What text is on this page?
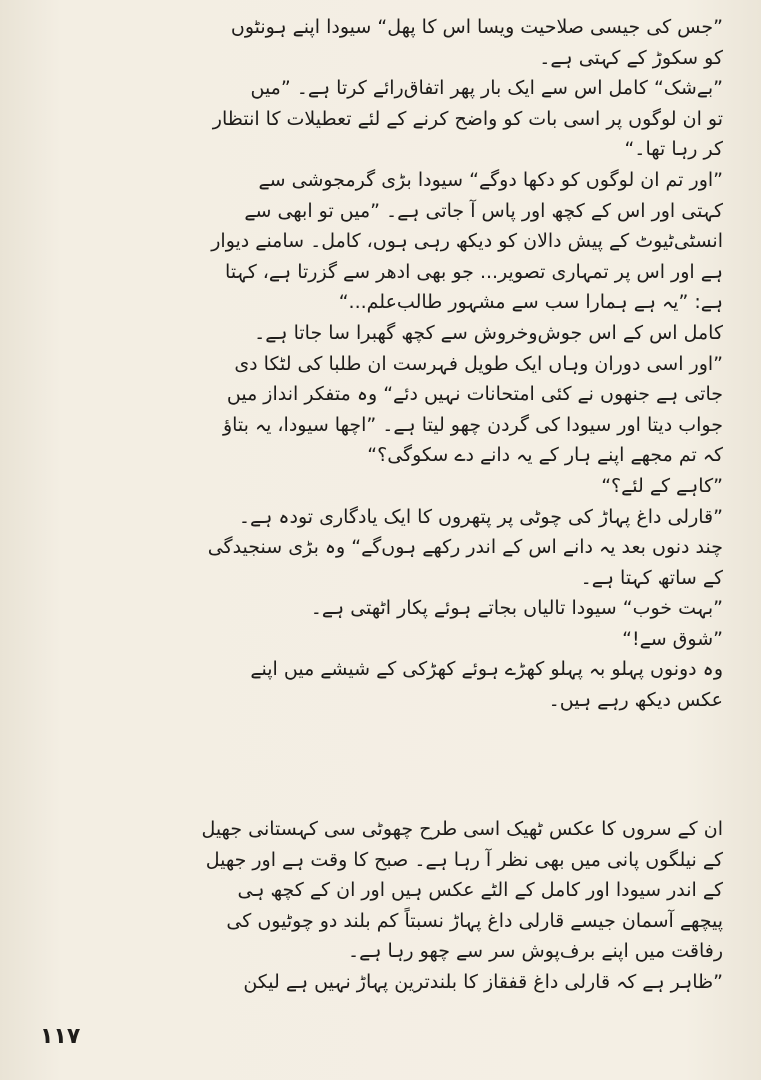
”جس کی جیسی صلاحیت ویسا اس کا پھل“ سیودا اپنے ہونٹوں
کو سکوڑ کے کہتی ہے۔
”بےشک“ کامل اس سے ایک بار پھر اتفاق‌رائے کرتا ہے۔ ”میں
تو ان لوگوں پر اسی بات کو واضح کرنے کے لئے تعطیلات کا انتظار
کر رہا تھا۔“
”اور تم ان لوگوں کو دکھا دوگے“ سیودا بڑی گرمجوشی سے
کہتی اور اس کے کچھ اور پاس آ جاتی ہے۔ ”میں تو ابھی سے
انسٹی‌ٹیوٹ کے پیش دالان کو دیکھ رہی ہوں، کامل۔ سامنے دیوار
ہے اور اس پر تمہاری تصویر... جو بھی ادھر سے گزرتا ہے، کہتا
ہے: ”یہ ہے ہمارا سب سے مشہور طالب‌علم...“
کامل اس کے اس جوش‌وخروش سے کچھ گھبرا سا جاتا ہے۔
”اور اسی دوران وہاں ایک طویل فہرست ان طلبا کی لٹکا دی
جاتی ہے جنھوں نے کئی امتحانات نہیں دئے“ وہ متفکر انداز میں
جواب دیتا اور سیودا کی گردن چھو لیتا ہے۔ ”اچھا سیودا، یہ بتاؤ
کہ تم مجھے اپنے ہار کے یہ دانے دے سکوگی؟“
”کاہے کے لئے؟“
”قارلی داغ پہاڑ کی چوٹی پر پتھروں کا ایک یادگاری تودہ ہے۔
چند دنوں بعد یہ دانے اس کے اندر رکھے ہوں‌گے“ وہ بڑی سنجیدگی
کے ساتھ کہتا ہے۔
”بہت خوب“ سیودا تالیاں بجاتے ہوئے پکار اٹھتی ہے۔
”شوق سے!“
وہ دونوں پہلو بہ پہلو کھڑے ہوئے کھڑکی کے شیشے میں اپنے
عکس دیکھ رہے ہیں۔
ان کے سروں کا عکس ٹھیک اسی طرح چھوٹی سی کہستانی جھیل
کے نیلگوں پانی میں بھی نظر آ رہا ہے۔ صبح کا وقت ہے اور جھیل
کے اندر سیودا اور کامل کے الٹے عکس ہیں اور ان کے کچھ ہی
پیچھے آسمان جیسے قارلی داغ پہاڑ نسبتاً کم بلند دو چوٹیوں کی
رفاقت میں اپنے برف‌پوش سر سے چھو رہا ہے۔
”ظاہر ہے کہ قارلی داغ قفقاز کا بلندترین پہاڑ نہیں ہے لیکن
١١٧
